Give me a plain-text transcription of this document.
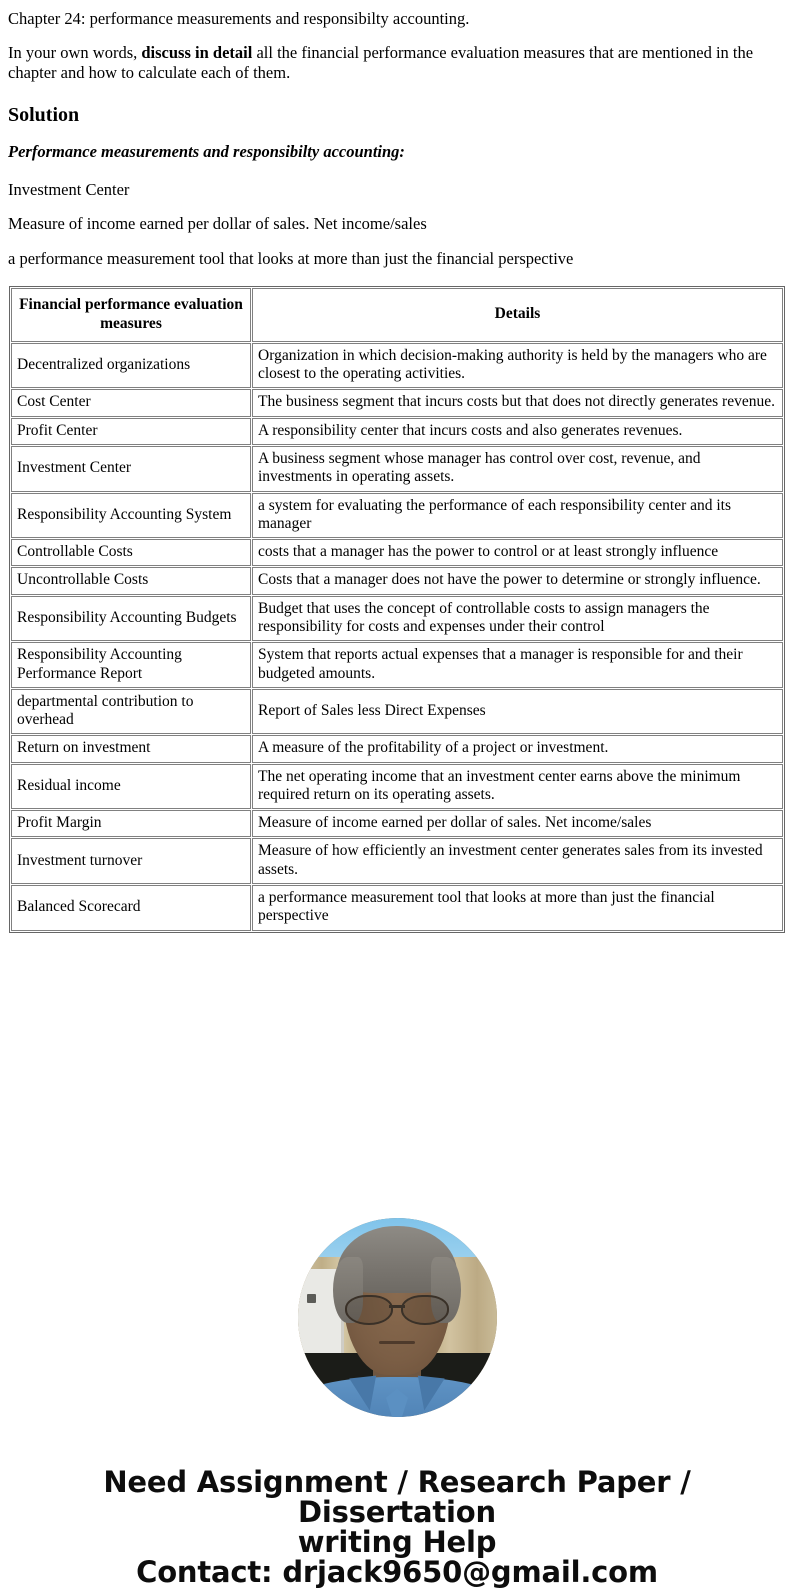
Chapter 24: performance measurements and responsibilty accounting.

In your own words, discuss in detail all the financial performance evaluation measures that are mentioned in the chapter and how to calculate each of them.

Solution

Performance measurements and responsibilty accounting:

Investment Center

Measure of income earned per dollar of sales. Net income/sales

a performance measurement tool that looks at more than just the financial perspective

Financial performance evaluation measures	Details
Decentralized organizations	Organization in which decision-making authority is held by the managers who are closest to the operating activities.
Cost Center	The business segment that incurs costs but that does not directly generates revenue.
Profit Center	A responsibility center that incurs costs and also generates revenues.
Investment Center	A business segment whose manager has control over cost, revenue, and investments in operating assets.
Responsibility Accounting System	a system for evaluating the performance of each responsibility center and its manager
Controllable Costs	costs that a manager has the power to control or at least strongly influence
Uncontrollable Costs	Costs that a manager does not have the power to determine or strongly influence.
Responsibility Accounting Budgets	Budget that uses the concept of controllable costs to assign managers the responsibility for costs and expenses under their control
Responsibility Accounting Performance Report	System that reports actual expenses that a manager is responsible for and their budgeted amounts.
departmental contribution to overhead	Report of Sales less Direct Expenses
Return on investment	A measure of the profitability of a project or investment.
Residual income	The net operating income that an investment center earns above the minimum required return on its operating assets.
Profit Margin	Measure of income earned per dollar of sales. Net income/sales
Investment turnover	Measure of how efficiently an investment center generates sales from its invested assets.
Balanced Scorecard	a performance measurement tool that looks at more than just the financial perspective
Need Assignment / Research Paper / Dissertation
writing Help
Contact: drjack9650@gmail.com
